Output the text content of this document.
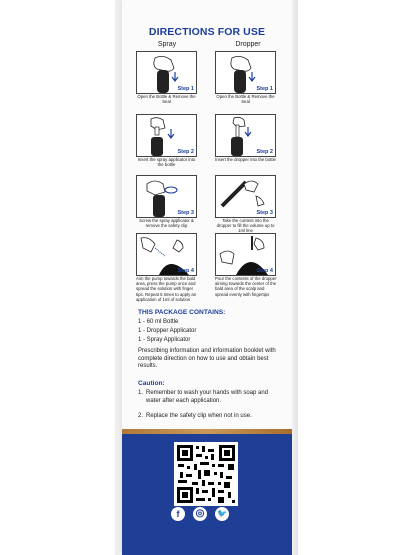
DIRECTIONS FOR USE
Spray	Dropper
Step 1	Step 1
Open the Bottle & Remove the Seal
Open the Bottle & Remove the Seal
Step 2	Step 2
Insert the spray applicator into the bottle
Insert the dropper into the bottle
Step 3	Step 3
Screw the spray applicator & remove the safety clip
Take the content into the dropper to fill the volume up to 1ml line
Step 4	Step 4
Aim the pump towards the bald area, press the pump once and spread the solution with finger tips. Repeat 5 times to apply an application of 1ml of solution
Pour the contents of the dropper aiming towards the center of the bald area of the scalp and spread evenly with fingertips
THIS PACKAGE CONTAINS:
1 - 60 ml Bottle
1 - Dropper Applicator
1 - Spray Applicator
Prescribing information and information booklet with complete direction on how to use and obtain best results.
Caution:
1. Remember to wash your hands with soap and water after each application.
2. Replace the safety clip when not in use.
f	◎	🐦
